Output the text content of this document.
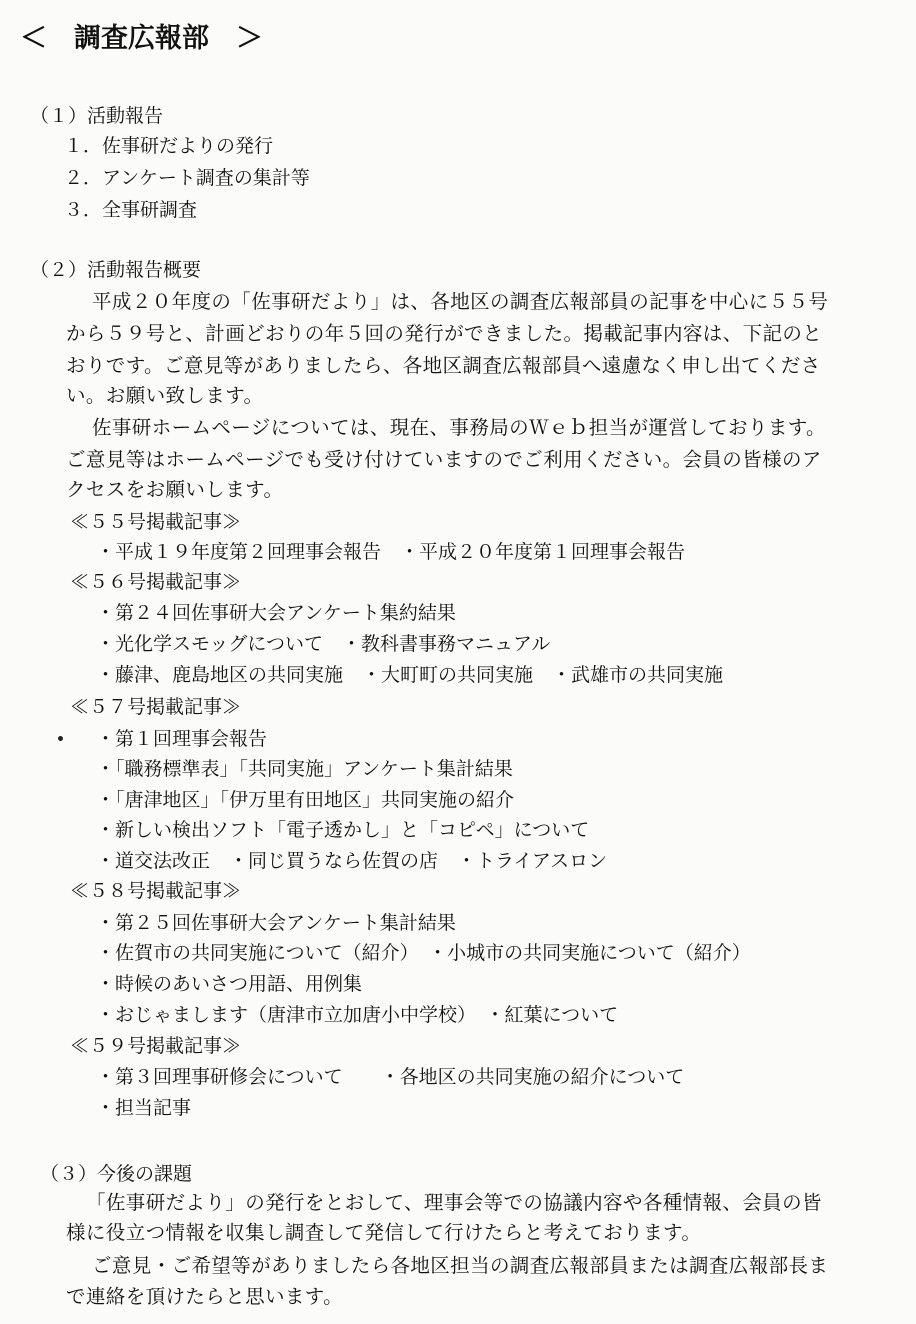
＜　調査広報部　＞
（１）活動報告
１．佐事研だよりの発行
２．アンケート調査の集計等
３．全事研調査
（２）活動報告概要
平成２０年度の「佐事研だより」は、各地区の調査広報部員の記事を中心に５５号
から５９号と、計画どおりの年５回の発行ができました。掲載記事内容は、下記のと
おりです。ご意見等がありましたら、各地区調査広報部員へ遠慮なく申し出てくださ
い。お願い致します。
佐事研ホームページについては、現在、事務局のＷｅｂ担当が運営しております。
ご意見等はホームページでも受け付けていますのでご利用ください。会員の皆様のア
クセスをお願いします。
≪５５号掲載記事≫
・平成１９年度第２回理事会報告　・平成２０年度第１回理事会報告
≪５６号掲載記事≫
・第２４回佐事研大会アンケート集約結果
・光化学スモッグについて　・教科書事務マニュアル
・藤津、鹿島地区の共同実施　・大町町の共同実施　・武雄市の共同実施
≪５７号掲載記事≫
・第１回理事会報告
・「職務標準表」「共同実施」アンケート集計結果
・「唐津地区」「伊万里有田地区」共同実施の紹介
・新しい検出ソフト「電子透かし」と「コピペ」について
・道交法改正　・同じ買うなら佐賀の店　・トライアスロン
≪５８号掲載記事≫
・第２５回佐事研大会アンケート集計結果
・佐賀市の共同実施について（紹介）　・小城市の共同実施について（紹介）
・時候のあいさつ用語、用例集
・おじゃまします（唐津市立加唐小中学校）　・紅葉について
≪５９号掲載記事≫
・第３回理事研修会について　　・各地区の共同実施の紹介について
・担当記事
（３）今後の課題
「佐事研だより」の発行をとおして、理事会等での協議内容や各種情報、会員の皆
様に役立つ情報を収集し調査して発信して行けたらと考えております。
ご意見・ご希望等がありましたら各地区担当の調査広報部員または調査広報部長ま
で連絡を頂けたらと思います。
